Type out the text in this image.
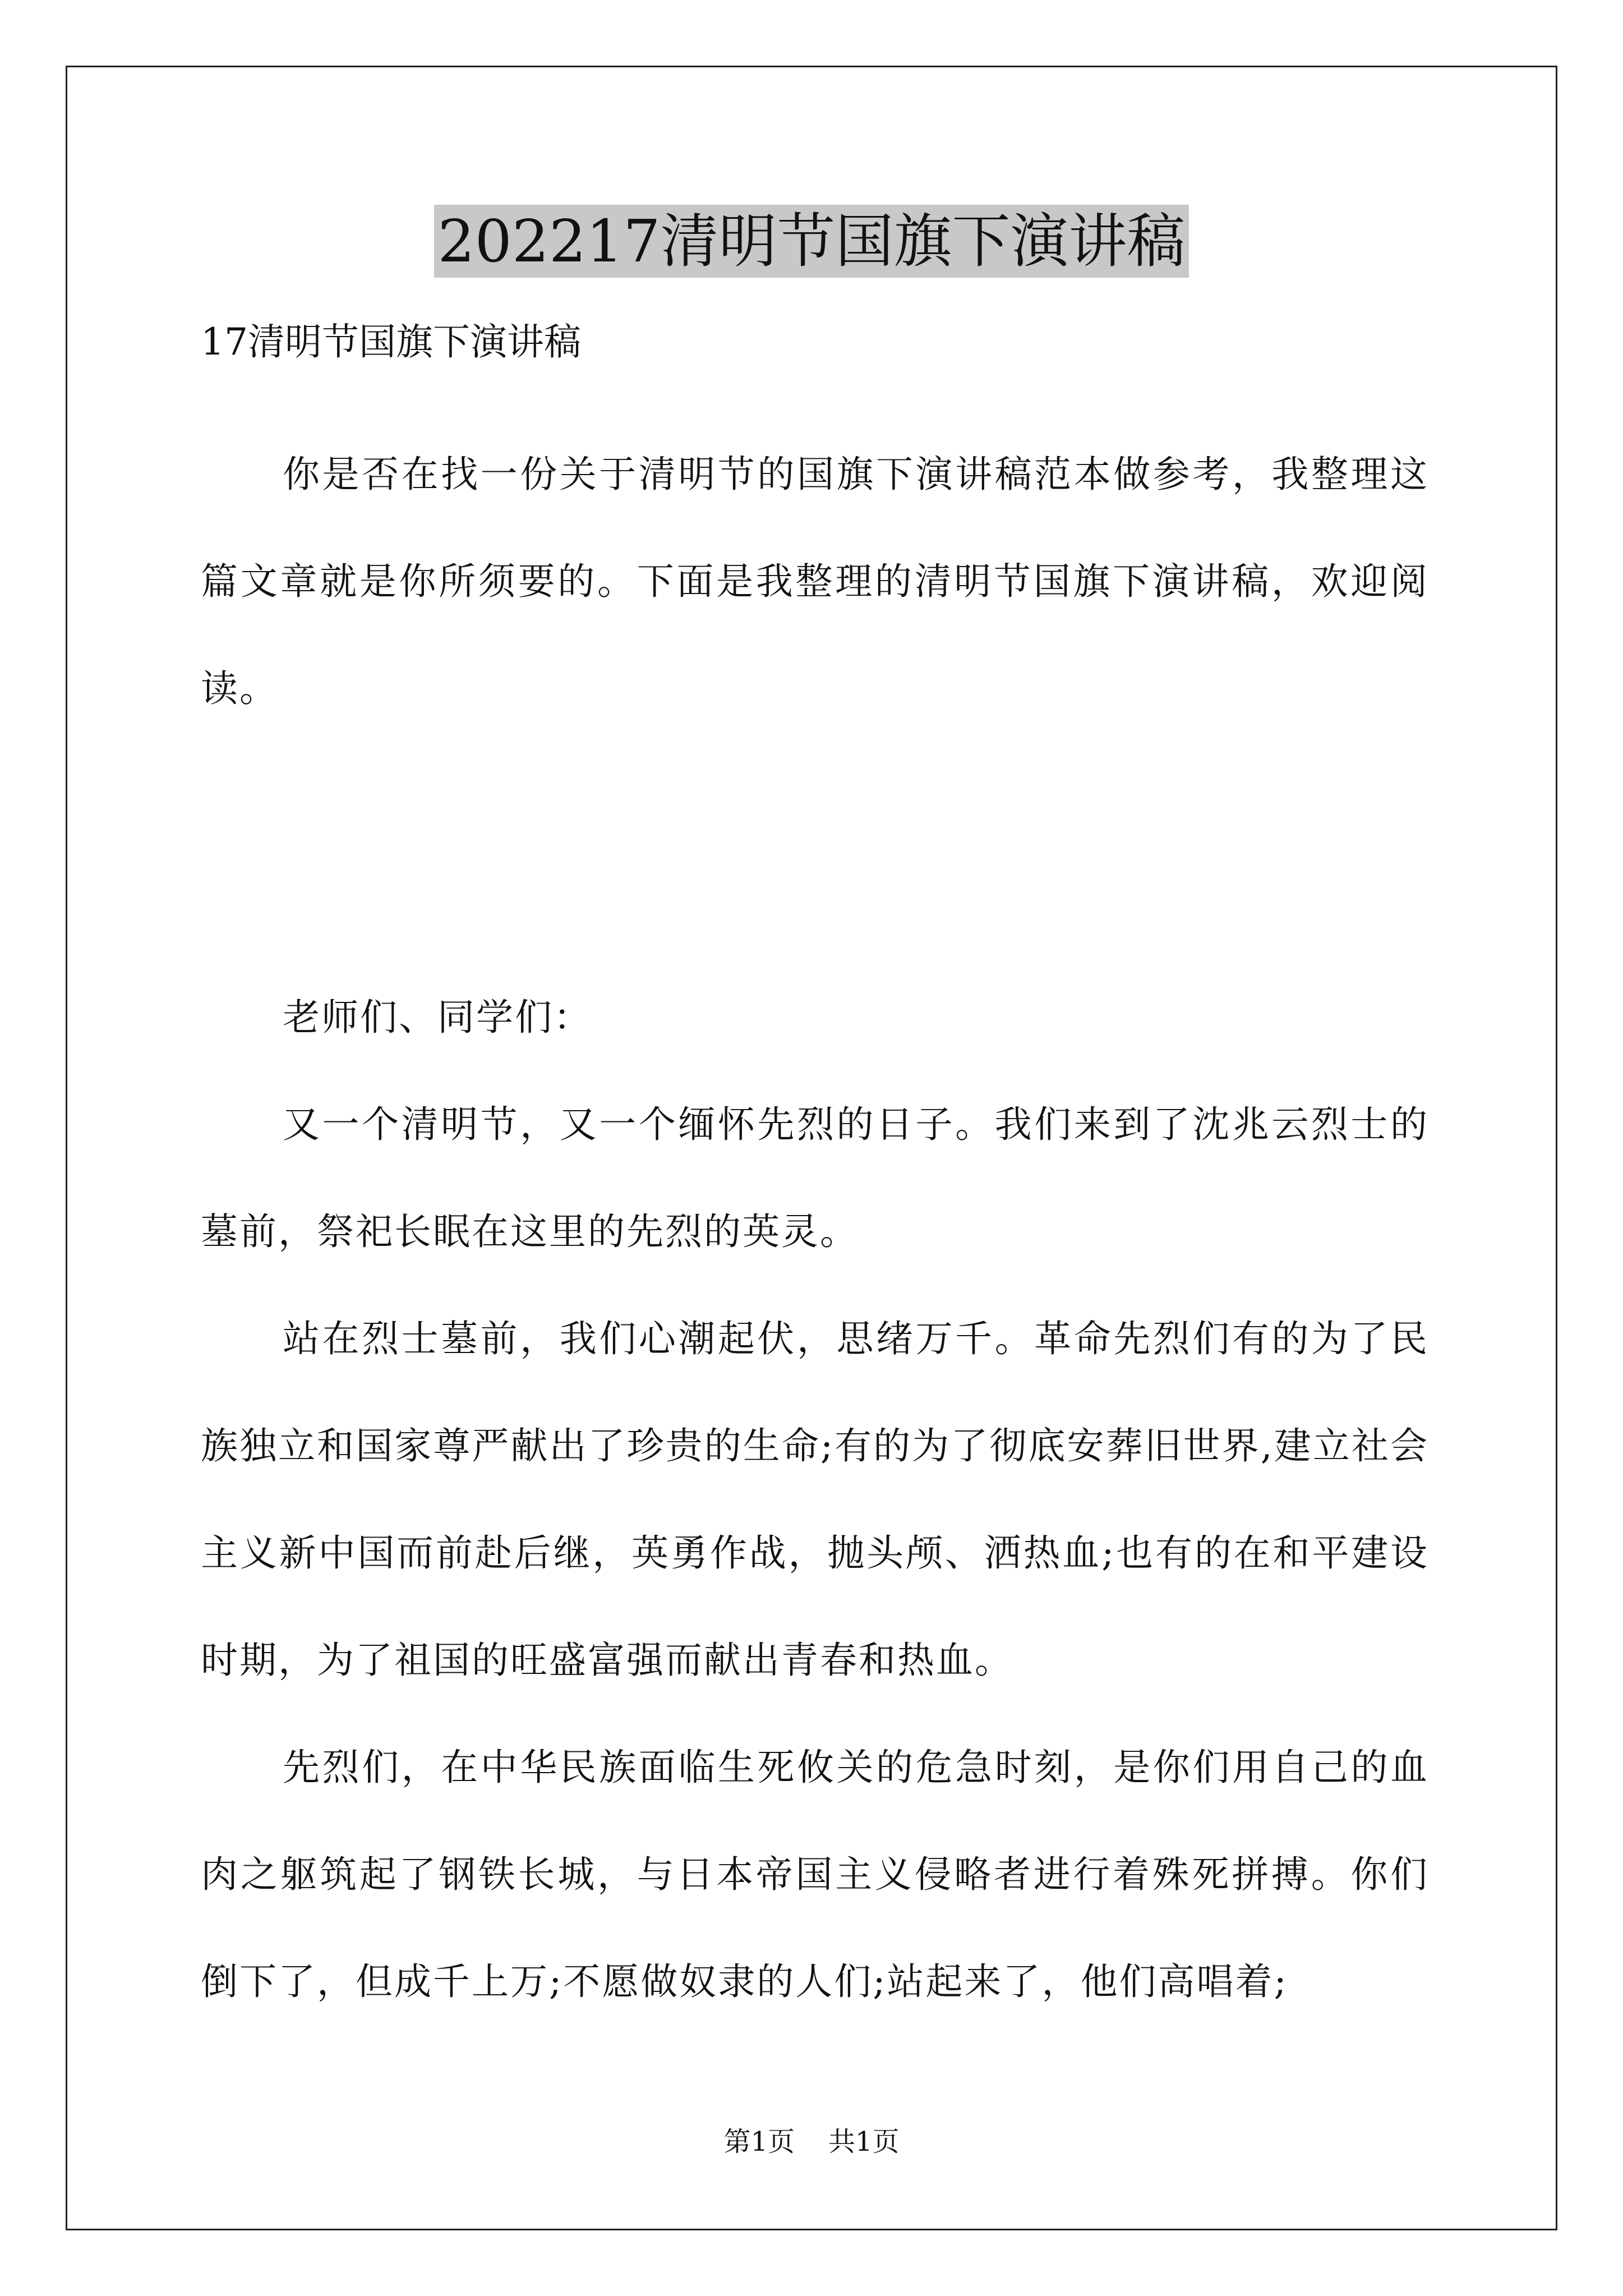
202217清明节国旗下演讲稿

17清明节国旗下演讲稿

你是否在找一份关于清明节的国旗下演讲稿范本做参考，我整理这篇文章就是你所须要的。下面是我整理的清明节国旗下演讲稿，欢迎阅读。

老师们、同学们：

又一个清明节，又一个缅怀先烈的日子。我们来到了沈兆云烈士的墓前，祭祀长眠在这里的先烈的英灵。

站在烈士墓前，我们心潮起伏，思绪万千。革命先烈们有的为了民族独立和国家尊严献出了珍贵的生命;有的为了彻底安葬旧世界,建立社会主义新中国而前赴后继，英勇作战，抛头颅、洒热血;也有的在和平建设时期，为了祖国的旺盛富强而献出青春和热血。

先烈们，在中华民族面临生死攸关的危急时刻，是你们用自己的血肉之躯筑起了钢铁长城，与日本帝国主义侵略者进行着殊死拼搏。你们倒下了，但成千上万;不愿做奴隶的人们;站起来了，他们高唱着;

第1页 共1页
